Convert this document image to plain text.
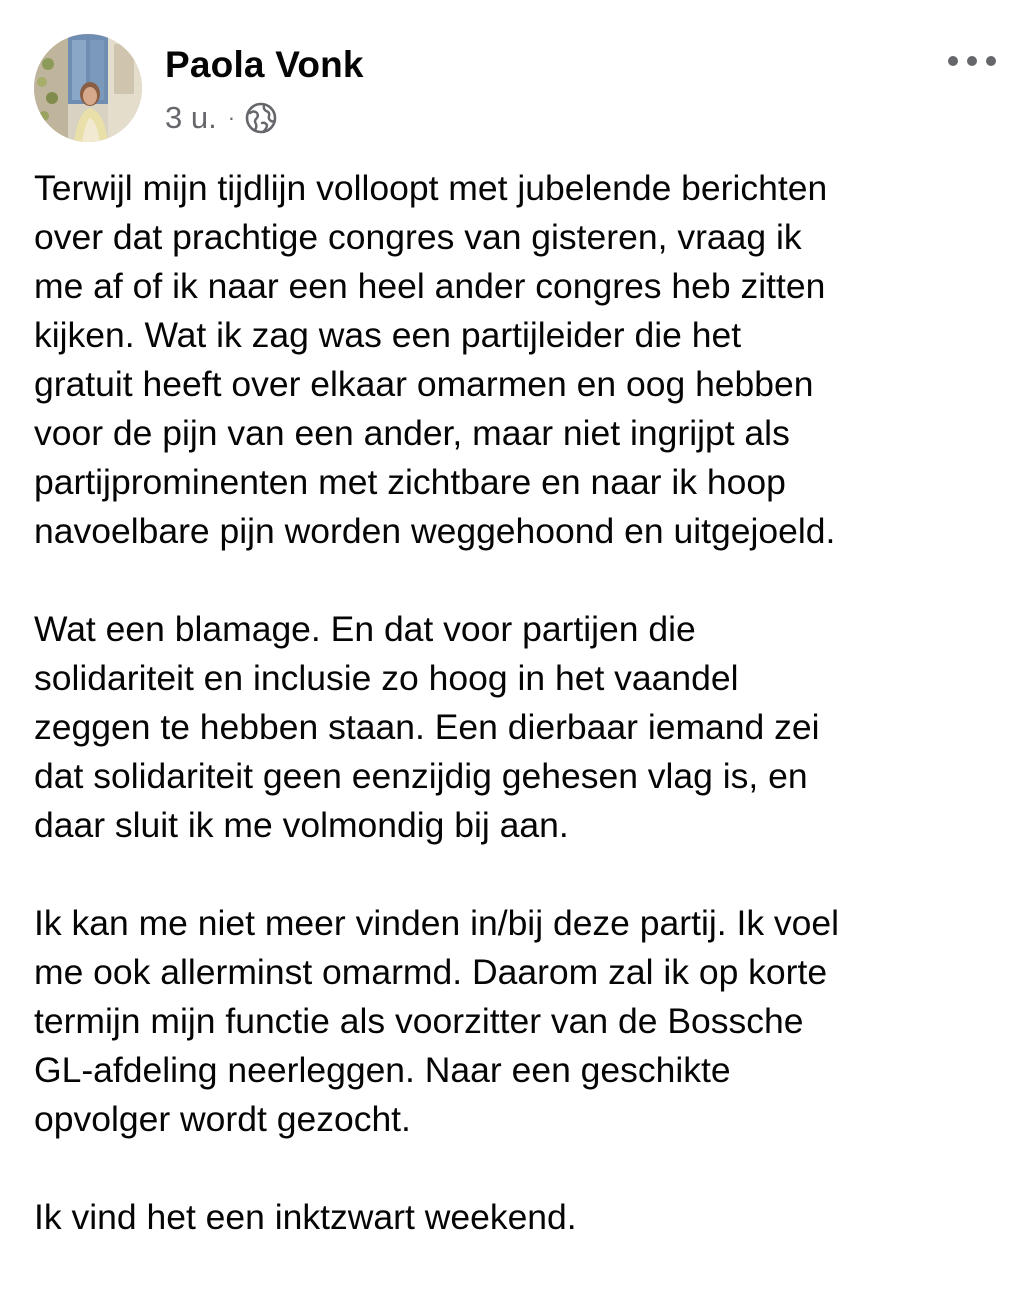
Paola Vonk
3 u. ·

Terwijl mijn tijdlijn volloopt met jubelende berichten
over dat prachtige congres van gisteren, vraag ik
me af of ik naar een heel ander congres heb zitten
kijken. Wat ik zag was een partijleider die het
gratuit heeft over elkaar omarmen en oog hebben
voor de pijn van een ander, maar niet ingrijpt als
partijprominenten met zichtbare en naar ik hoop
navoelbare pijn worden weggehoond en uitgejoeld.

Wat een blamage. En dat voor partijen die
solidariteit en inclusie zo hoog in het vaandel
zeggen te hebben staan. Een dierbaar iemand zei
dat solidariteit geen eenzijdig gehesen vlag is, en
daar sluit ik me volmondig bij aan.

Ik kan me niet meer vinden in/bij deze partij. Ik voel
me ook allerminst omarmd. Daarom zal ik op korte
termijn mijn functie als voorzitter van de Bossche
GL-afdeling neerleggen. Naar een geschikte
opvolger wordt gezocht.

Ik vind het een inktzwart weekend.
